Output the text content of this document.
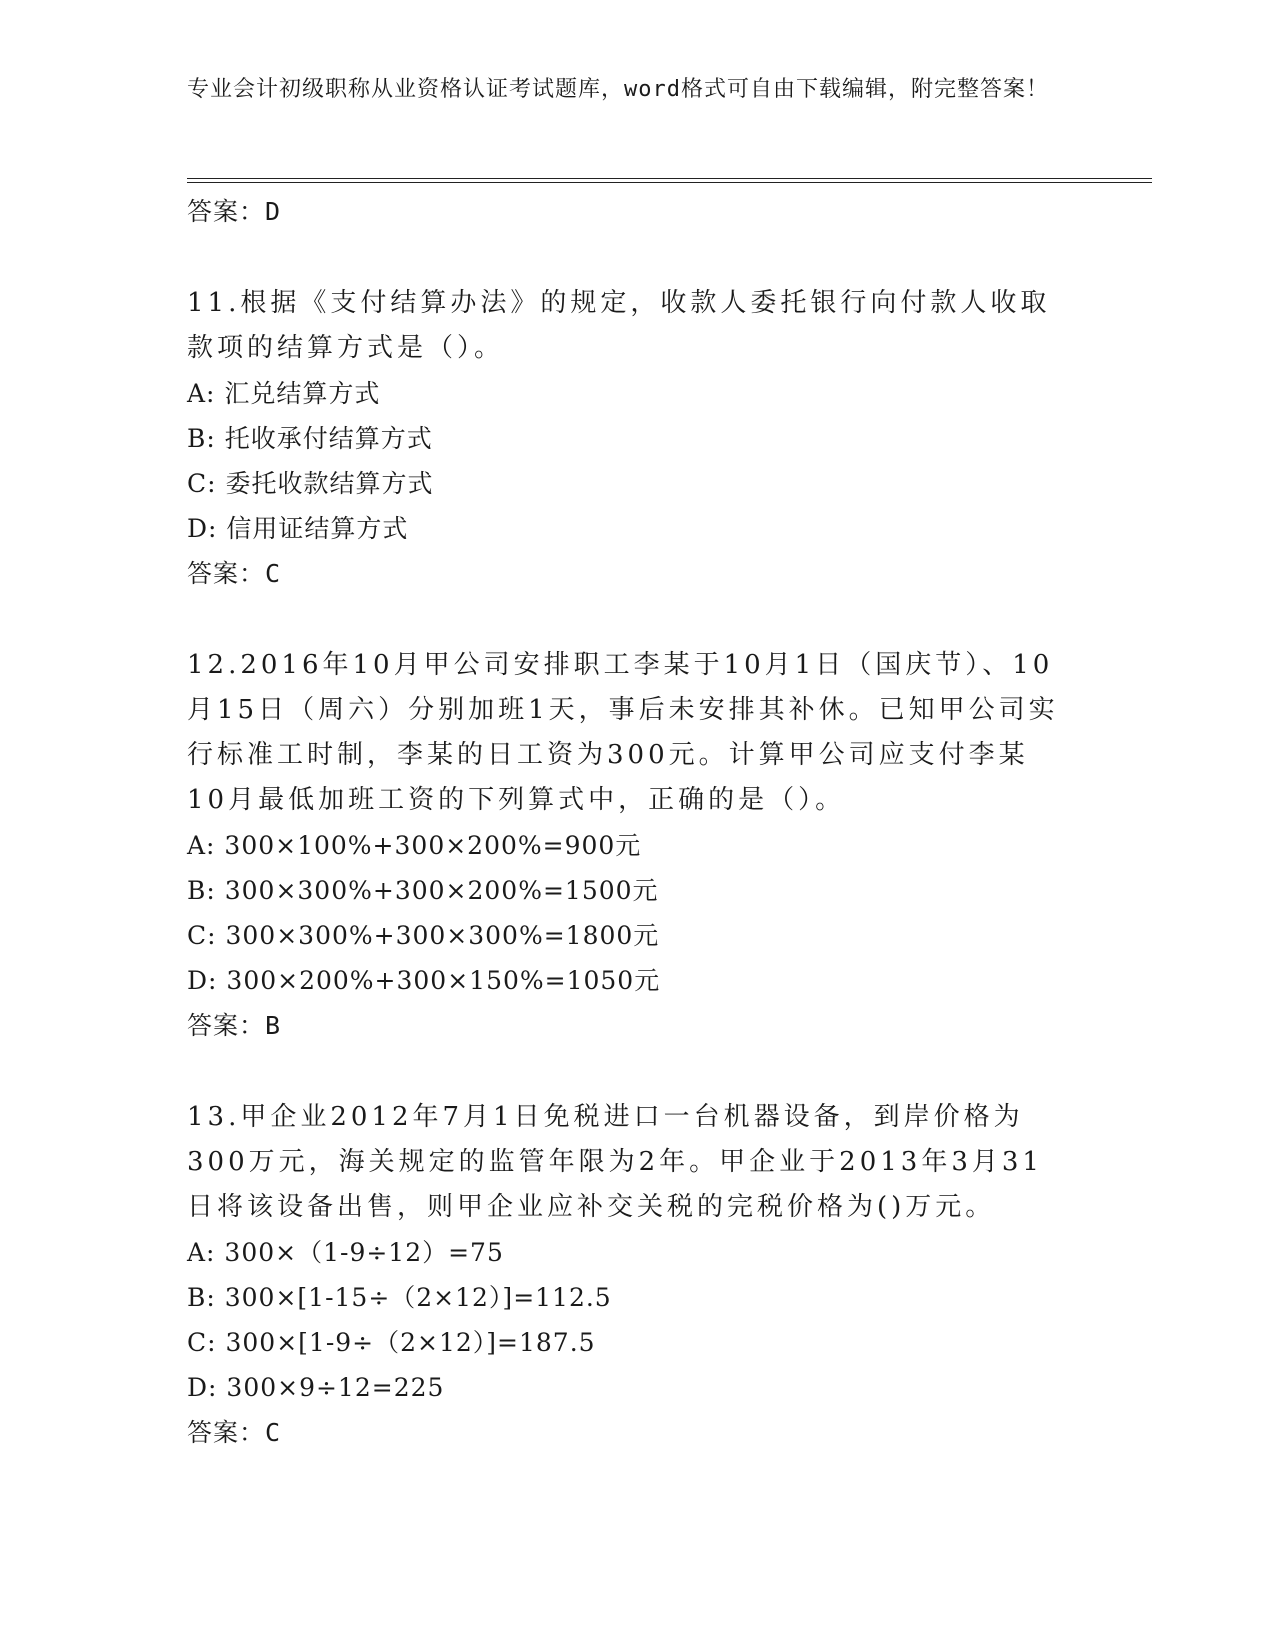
专业会计初级职称从业资格认证考试题库，word格式可自由下载编辑，附完整答案！
答案：D
11.根据《支付结算办法》的规定，收款人委托银行向付款人收取款项的结算方式是（）。
A: 汇兑结算方式
B: 托收承付结算方式
C: 委托收款结算方式
D: 信用证结算方式
答案：C
12.2016年10月甲公司安排职工李某于10月1日（国庆节）、10月15日（周六）分别加班1天，事后未安排其补休。已知甲公司实行标准工时制，李某的日工资为300元。计算甲公司应支付李某10月最低加班工资的下列算式中，正确的是（）。
A: 300×100%+300×200%=900元
B: 300×300%+300×200%=1500元
C: 300×300%+300×300%=1800元
D: 300×200%+300×150%=1050元
答案：B
13.甲企业2012年7月1日免税进口一台机器设备，到岸价格为300万元，海关规定的监管年限为2年。甲企业于2013年3月31日将该设备出售，则甲企业应补交关税的完税价格为()万元。
A: 300×（1-9÷12）=75
B: 300×[1-15÷（2×12）]=112.5
C: 300×[1-9÷（2×12）]=187.5
D: 300×9÷12=225
答案：C
